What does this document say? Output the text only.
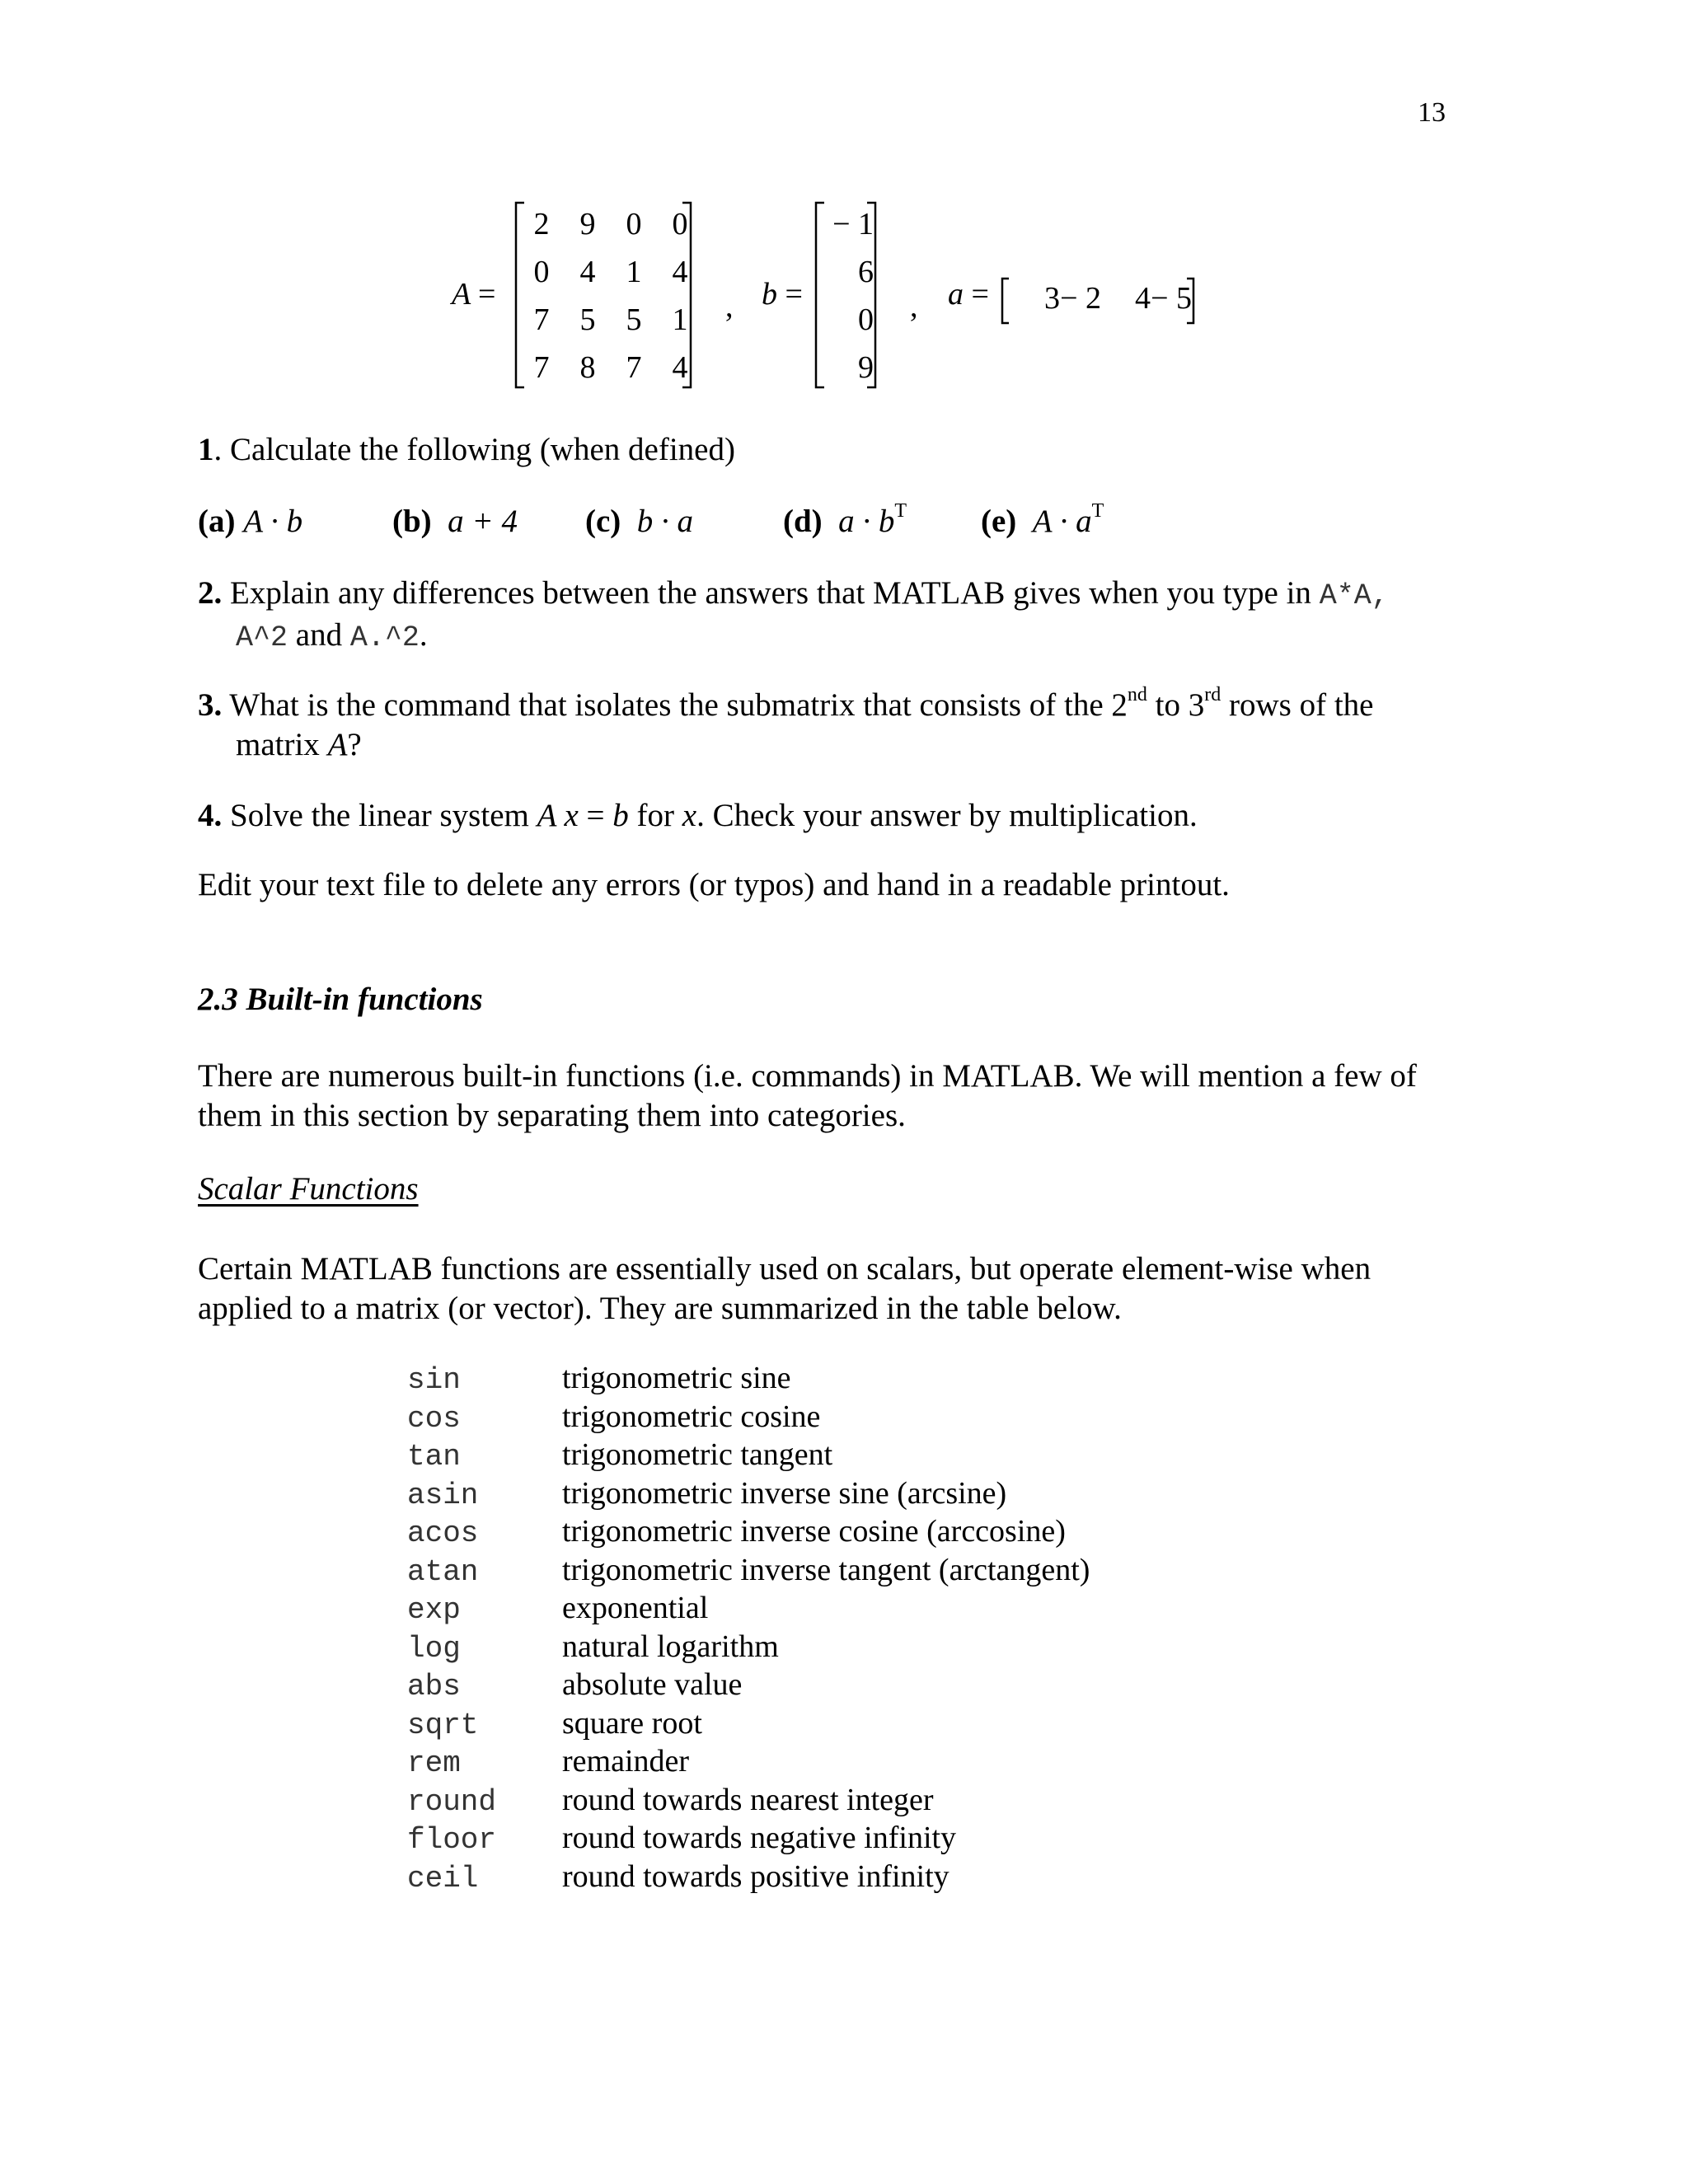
13
A =
2 9 0 0
0 4 1 4
7 5 5 1
7 8 7 4
, b =
− 1
6
0
9
, a =	3 − 2	4 − 5
1. Calculate the following (when defined)
(a) A · b	(b) a + 4 (c) b · a	(d) $a \cdot b^T$ (e) $A \cdot a^T$
2. Explain any differences between the answers that MATLAB gives when you type in A*A,
A^2 and A.^2.
3. What is the command that isolates the submatrix that consists of the 2nd to 3rd rows of the
matrix A?
4. Solve the linear system A x = b for x. Check your answer by multiplication.
Edit your text file to delete any errors (or typos) and hand in a readable printout.
2.3 Built-in functions
There are numerous built-in functions (i.e. commands) in MATLAB. We will mention a few of
them in this section by separating them into categories.
Scalar Functions
Certain MATLAB functions are essentially used on scalars, but operate element-wise when
applied to a matrix (or vector). They are summarized in the table below.
sin	trigonometric sine
cos	trigonometric cosine
tan	trigonometric tangent
asin	trigonometric inverse sine (arcsine)
acos	trigonometric inverse cosine (arccosine)
atan	trigonometric inverse tangent (arctangent)
exp	exponential
log	natural logarithm
abs	absolute value
sqrt	square root
rem	remainder
round round towards nearest integer
floor round towards negative infinity
ceil	round towards positive infinity
